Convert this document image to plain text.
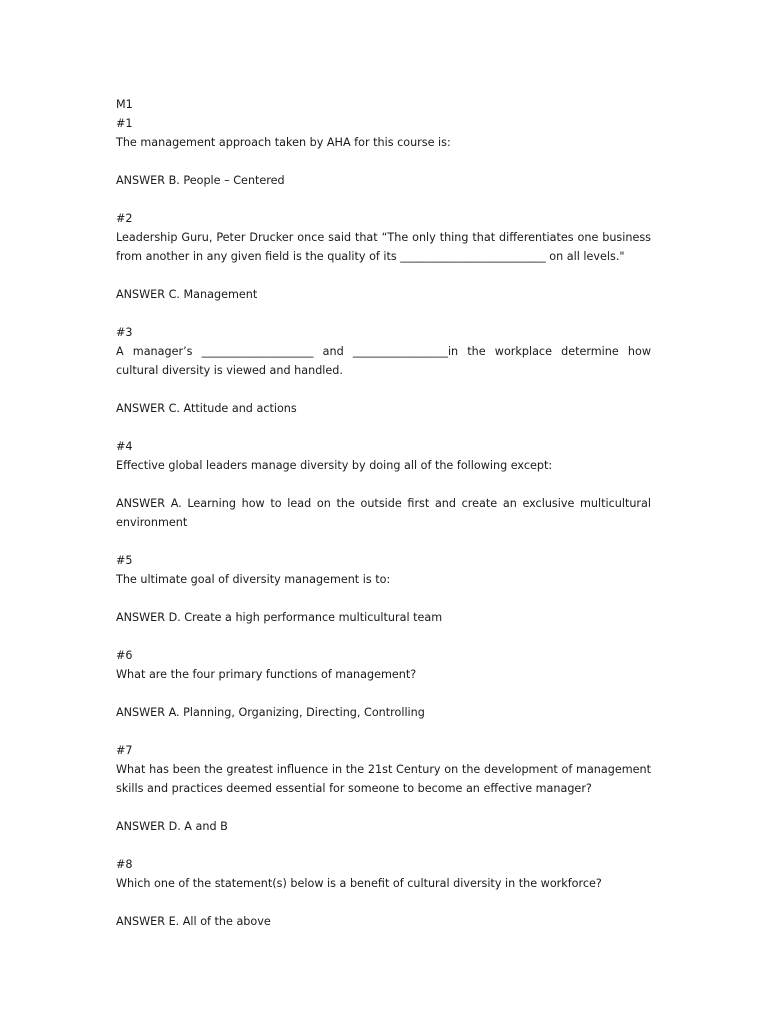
M1
#1
The management approach taken by AHA for this course is:
ANSWER B. People – Centered
#2
Leadership Guru, Peter Drucker once said that “The only thing that differentiates one business from another in any given field is the quality of its __________________________ on all levels."
ANSWER C. Management
#3
A manager’s ____________________ and _________________in the workplace determine how cultural diversity is viewed and handled.
ANSWER C. Attitude and actions
#4
Effective global leaders manage diversity by doing all of the following except:
ANSWER A. Learning how to lead on the outside first and create an exclusive multicultural environment
#5
The ultimate goal of diversity management is to:
ANSWER D. Create a high performance multicultural team
#6
What are the four primary functions of management?
ANSWER A. Planning, Organizing, Directing, Controlling
#7
What has been the greatest influence in the 21st Century on the development of management skills and practices deemed essential for someone to become an effective manager?
ANSWER D. A and B
#8
Which one of the statement(s) below is a benefit of cultural diversity in the workforce?
ANSWER E. All of the above
